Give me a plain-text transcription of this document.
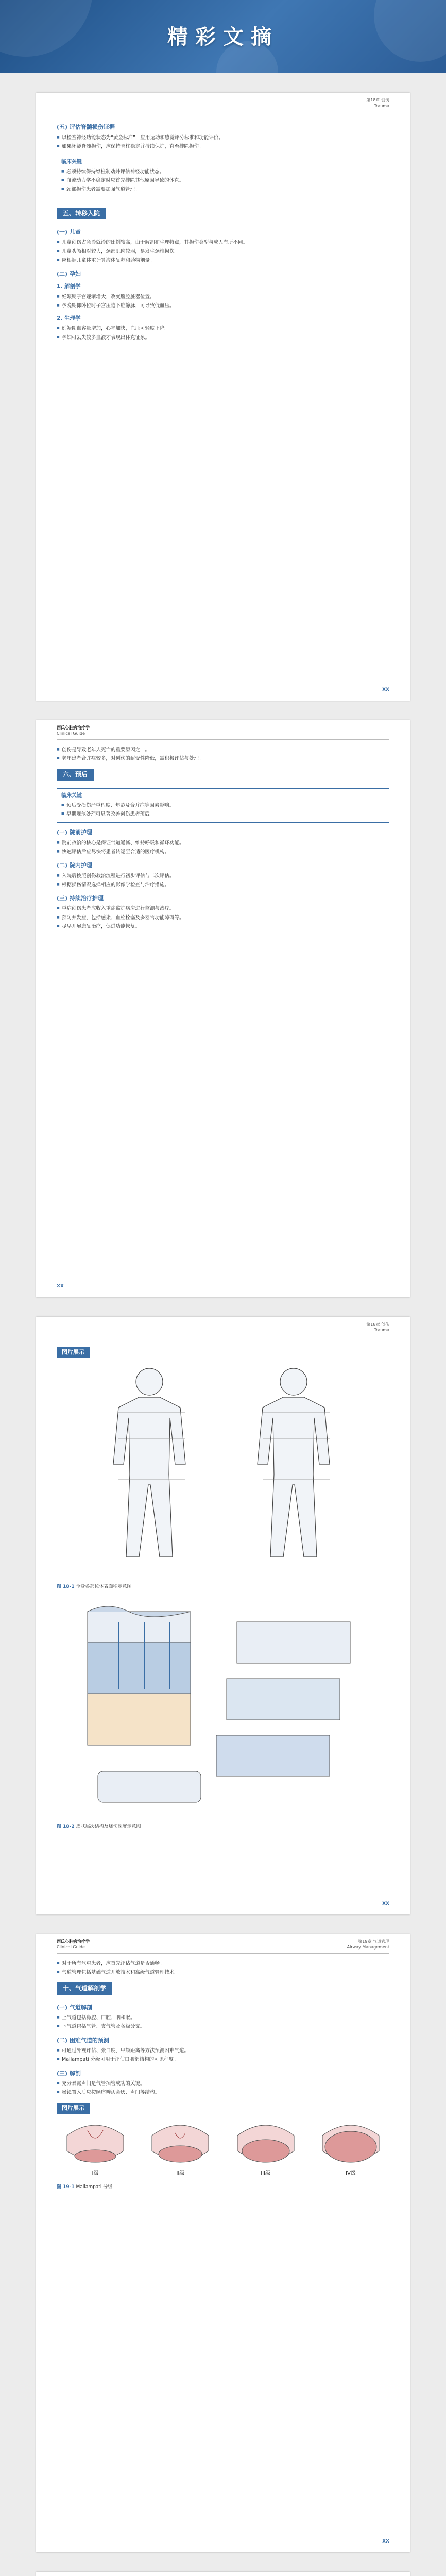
精彩文摘
第18章 创伤
Trauma
(五) 评估脊髓损伤证据
■ 以检查神经功能状态为“黄金标准”，应用运动和感觉评分标准和功能评价。
■ 如果怀疑脊髓损伤，应保持脊柱稳定并持续保护，直至排除损伤。
临床关键
■ 必须持续保持脊柱制动并评估神经功能状态。
■ 血流动力学不稳定时应首先排除其他原因导致的休克。
■ 颈部损伤患者需要加强气道管理。
五、转移入院
(一) 儿童
■ 儿童创伤占急诊就诊的比例较高，由于解剖和生理特点，其损伤类型与成人有所不同。
■ 儿童头颅相对较大，颈部肌肉较弱，易发生颈椎损伤。
■ 应根据儿童体重计算液体复苏和药物剂量。
(二) 孕妇
1. 解剖学
■ 妊娠期子宫逐渐增大，改变腹腔脏器位置。
■ 孕晚期仰卧位时子宫压迫下腔静脉，可导致低血压。
2. 生理学
■ 妊娠期血容量增加，心率加快，血压可轻度下降。
■ 孕妇可丢失较多血液才表现出休克征象。
XX
西氏心脏病治疗学
Clinical Guide
■ 创伤是导致老年人死亡的重要原因之一。
■ 老年患者合并症较多，对创伤的耐受性降低，需积极评估与处理。
六、预后
临床关键
■ 预后受损伤严重程度、年龄及合并症等因素影响。
■ 早期规范处理可显著改善创伤患者预后。
(一) 院前护理
■ 院前救治的核心是保证气道通畅、维持呼吸和循环功能。
■ 快速评估后应尽快将患者转运至合适的医疗机构。
(二) 院内护理
■ 入院后按照创伤救治流程进行初步评估与二次评估。
■ 根据损伤情况选择相应的影像学检查与治疗措施。
(三) 持续治疗护理
■ 重症创伤患者应收入重症监护病房进行监测与治疗。
■ 预防并发症，包括感染、血栓栓塞及多器官功能障碍等。
■ 尽早开展康复治疗，促进功能恢复。
XX
第18章 创伤
Trauma
图片展示
图 18-1 全身各部位体表面积示意图
图 18-2 皮肤层次结构及烧伤深度示意图
XX
西氏心脏病治疗学
Clinical Guide
第19章 气道管理
Airway Management
■ 对于所有危重患者，应首先评估气道是否通畅。
■ 气道管理包括基础气道开放技术和高级气道管理技术。
十、气道解剖学
(一) 气道解剖
■ 上气道包括鼻腔、口腔、咽和喉。
■ 下气道包括气管、支气管及各级分支。
(二) 困难气道的预测
■ 可通过外观评估、张口度、甲颏距离等方法预测困难气道。
■ Mallampati 分级可用于评估口咽部结构的可见程度。
(三) 解剖
■ 充分暴露声门是气管插管成功的关键。
■ 喉镜置入后应按顺序辨认会厌、声门等结构。
图片展示
I级	II级	III级	IV级
图 19-1 Mallampati 分级
XX
